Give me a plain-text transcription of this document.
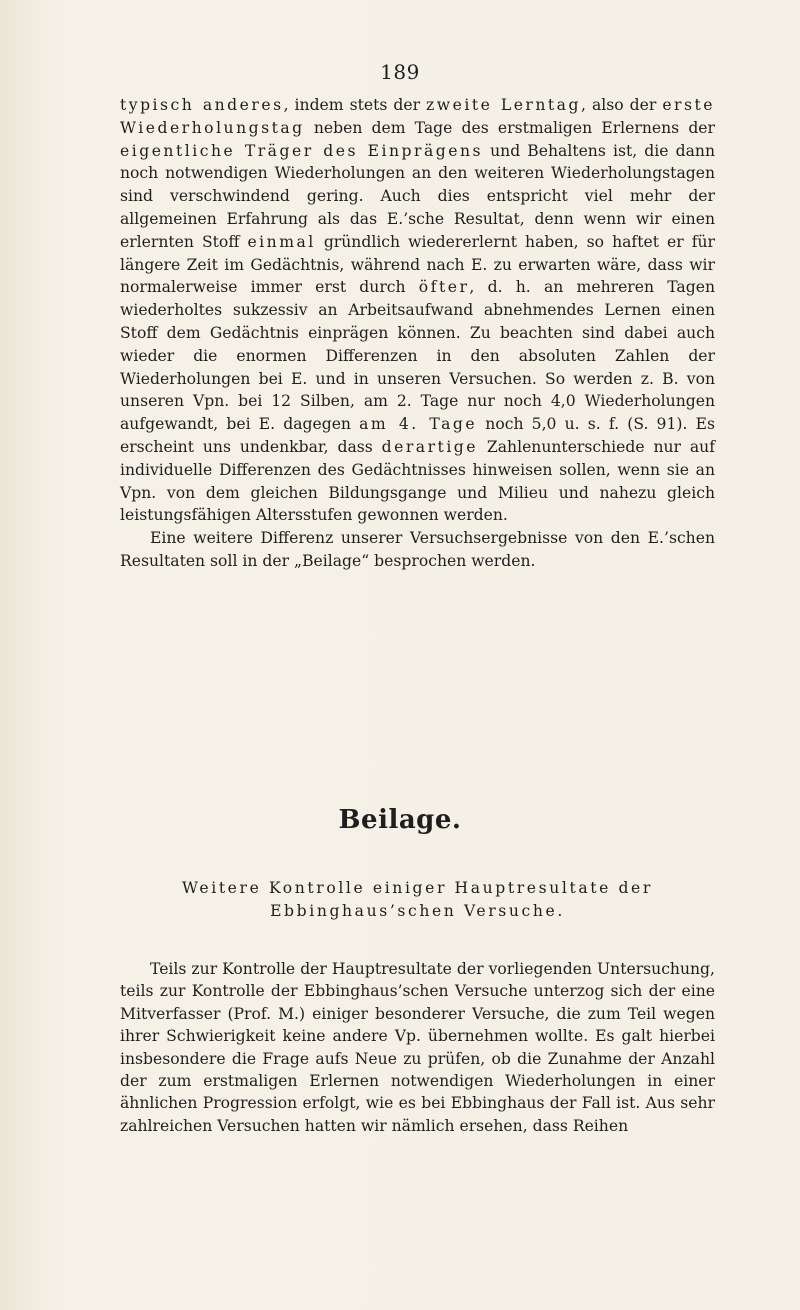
189

typisch anderes, indem stets der zweite Lerntag, also der erste Wiederholungstag neben dem Tage des erstmaligen Erlernens der eigentliche Träger des Einprägens und Behaltens ist, die dann noch notwendigen Wiederholungen an den weiteren Wiederholungstagen sind verschwindend gering. Auch dies entspricht viel mehr der allgemeinen Erfahrung als das E.’sche Resultat, denn wenn wir einen erlernten Stoff einmal gründlich wiedererlernt haben, so haftet er für längere Zeit im Gedächtnis, während nach E. zu erwarten wäre, dass wir normalerweise immer erst durch öfter, d. h. an mehreren Tagen wiederholtes sukzessiv an Arbeitsaufwand abnehmendes Lernen einen Stoff dem Gedächtnis einprägen können. Zu beachten sind dabei auch wieder die enormen Differenzen in den absoluten Zahlen der Wiederholungen bei E. und in unseren Versuchen. So werden z. B. von unseren Vpn. bei 12 Silben, am 2. Tage nur noch 4,0 Wiederholungen aufgewandt, bei E. dagegen am 4. Tage noch 5,0 u. s. f. (S. 91). Es erscheint uns undenkbar, dass derartige Zahlenunterschiede nur auf individuelle Differenzen des Gedächtnisses hinweisen sollen, wenn sie an Vpn. von dem gleichen Bildungsgange und Milieu und nahezu gleich leistungsfähigen Altersstufen gewonnen werden.

Eine weitere Differenz unserer Versuchsergebnisse von den E.’schen Resultaten soll in der „Beilage“ besprochen werden.

Beilage.
Weitere Kontrolle einiger Hauptresultate der
Ebbinghaus’schen Versuche.

Teils zur Kontrolle der Hauptresultate der vorliegenden Untersuchung, teils zur Kontrolle der Ebbinghaus’schen Versuche unterzog sich der eine Mitverfasser (Prof. M.) einiger besonderer Versuche, die zum Teil wegen ihrer Schwierigkeit keine andere Vp. übernehmen wollte. Es galt hierbei insbesondere die Frage aufs Neue zu prüfen, ob die Zunahme der Anzahl der zum erstmaligen Erlernen notwendigen Wiederholungen in einer ähnlichen Progression erfolgt, wie es bei Ebbinghaus der Fall ist. Aus sehr zahlreichen Versuchen hatten wir nämlich ersehen, dass Reihen
